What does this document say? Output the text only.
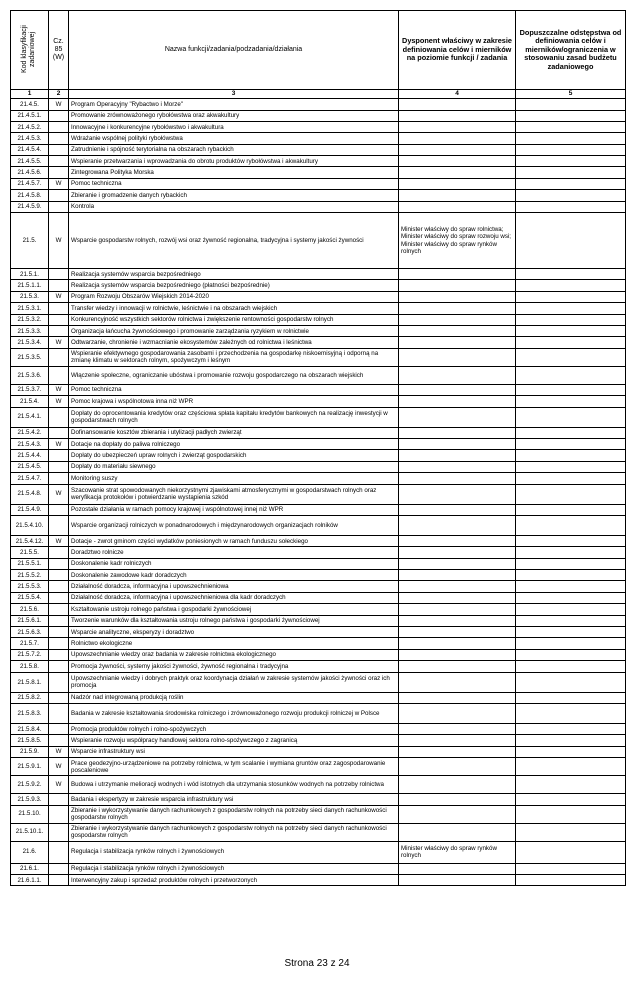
Kod klasyfikacji zadaniowej	Cz. 85 (W)	Nazwa funkcji/zadania/podzadania/działania	Dysponent właściwy w zakresie definiowania celów i mierników na poziomie funkcji / zadania	Dopuszczalne odstępstwa od definiowania celów i mierników/ograniczenia w stosowaniu zasad budżetu zadaniowego
1	2	3	4	5
21.4.5.	W	Program Operacyjny "Rybactwo i Morze"		
21.4.5.1.		Promowanie zrównoważonego rybołówstwa oraz akwakultury		
21.4.5.2.		Innowacyjne i konkurencyjne rybołówstwo i akwakultura		
21.4.5.3.		Wdrażanie wspólnej polityki rybołówstwa		
21.4.5.4.		Zatrudnienie i spójność terytorialna na obszarach rybackich		
21.4.5.5.		Wspieranie przetwarzania i wprowadzania do obrotu produktów rybołówstwa i akwakultury		
21.4.5.6.		Zintegrowana Polityka Morska		
21.4.5.7.	W	Pomoc techniczna		
21.4.5.8.		Zbieranie i gromadzenie danych rybackich		
21.4.5.9.		Kontrola		
21.5.	W	Wsparcie gospodarstw rolnych, rozwój wsi oraz żywność regionalna, tradycyjna i systemy jakości żywności	Minister właściwy do spraw rolnictwa;
Minister właściwy do spraw rozwoju wsi;
Minister właściwy do spraw rynków rolnych	
21.5.1.		Realizacja systemów wsparcia bezpośredniego		
21.5.1.1.		Realizacja systemów wsparcia bezpośredniego (płatności bezpośrednie)		
21.5.3.	W	Program Rozwoju Obszarów Wiejskich 2014-2020		
21.5.3.1.		Transfer wiedzy i innowacji w rolnictwie, leśnictwie i na obszarach wiejskich		
21.5.3.2.		Konkurencyjność wszystkich sektorów rolnictwa i zwiększenie rentowności gospodarstw rolnych		
21.5.3.3.		Organizacja łańcucha żywnościowego i promowanie zarządzania ryzykiem w rolnictwie		
21.5.3.4.	W	Odtwarzanie, chronienie i wzmacnianie ekosystemów zależnych od rolnictwa i leśnictwa		
21.5.3.5.		Wspieranie efektywnego gospodarowania zasobami i przechodzenia na gospodarkę niskoemisyjną i odporną na zmianę klimatu w sektorach rolnym, spożywczym i leśnym		
21.5.3.6.		Włączenie społeczne, ograniczanie ubóstwa i promowanie rozwoju gospodarczego na obszarach wiejskich		
21.5.3.7.	W	Pomoc techniczna		
21.5.4.	W	Pomoc krajowa i wspólnotowa inna niż WPR		
21.5.4.1.		Dopłaty do oprocentowania kredytów oraz częściowa spłata kapitału kredytów bankowych na realizację inwestycji w gospodarstwach rolnych		
21.5.4.2.		Dofinansowanie kosztów zbierania i utylizacji padłych zwierząt		
21.5.4.3.	W	Dotacje na dopłaty do paliwa rolniczego		
21.5.4.4.		Dopłaty do ubezpieczeń upraw rolnych i zwierząt gospodarskich		
21.5.4.5.		Dopłaty do materiału siewnego		
21.5.4.7.		Monitoring suszy		
21.5.4.8.	W	Szacowanie strat spowodowanych niekorzystnymi zjawiskami atmosferycznymi w gospodarstwach rolnych oraz weryfikacja protokołów i potwierdzanie wystąpienia szkód		
21.5.4.9.		Pozostałe działania w ramach pomocy krajowej i wspólnotowej innej niż WPR		
21.5.4.10.		Wsparcie organizacji rolniczych w ponadnarodowych i międzynarodowych organizacjach rolników		
21.5.4.12.	W	Dotacje - zwrot gminom części wydatków poniesionych w ramach funduszu sołeckiego		
21.5.5.		Doradztwo rolnicze		
21.5.5.1.		Doskonalenie kadr rolniczych		
21.5.5.2.		Doskonalenie zawodowe kadr doradczych		
21.5.5.3.		Działalność doradcza, informacyjna i upowszechnieniowa		
21.5.5.4.		Działalność doradcza, informacyjna i upowszechnieniowa dla kadr doradczych		
21.5.6.		Kształtowanie ustroju rolnego państwa i gospodarki żywnościowej		
21.5.6.1.		Tworzenie warunków dla kształtowania ustroju rolnego państwa i gospodarki żywnościowej		
21.5.6.3.		Wsparcie analityczne, eksperyzy i doradztwo		
21.5.7.		Rolnictwo ekologiczne		
21.5.7.2.		Upowszechnianie wiedzy oraz badania w zakresie rolnictwa ekologicznego		
21.5.8.		Promocja żywności, systemy jakości żywności, żywność regionalna i tradycyjna		
21.5.8.1.		Upowszechnianie wiedzy i dobrych praktyk oraz koordynacja działań w zakresie systemów jakości żywności oraz ich promocja		
21.5.8.2.		Nadzór nad integrowaną produkcją roślin		
21.5.8.3.		Badania w zakresie kształtowania środowiska rolniczego i zrównoważonego rozwoju produkcji rolniczej w Polsce		
21.5.8.4.		Promocja produktów rolnych i rolno-spożywczych		
21.5.8.5.		Wspieranie rozwoju współpracy handlowej sektora rolno-spożywczego z zagranicą		
21.5.9.	W	Wsparcie infrastruktury wsi		
21.5.9.1.	W	Prace geodezyjno-urządzeniowe na potrzeby rolnictwa, w tym scalanie i wymiana gruntów oraz zagospodarowanie poscaleniowe		
21.5.9.2.	W	Budowa i utrzymanie melioracji wodnych i wód istotnych dla utrzymania stosunków wodnych na potrzeby rolnictwa		
21.5.9.3.		Badania i ekspertyzy w zakresie wsparcia infrastruktury wsi		
21.5.10.		Zbieranie i wykorzystywanie danych rachunkowych z gospodarstw rolnych na potrzeby sieci danych rachunkowości gospodarstw rolnych		
21.5.10.1.		Zbieranie i wykorzystywanie danych rachunkowych z gospodarstw rolnych na potrzeby sieci danych rachunkowości gospodarstw rolnych		
21.6.		Regulacja i stabilizacja rynków rolnych i żywnościowych	Minister właściwy do spraw rynków rolnych	
21.6.1.		Regulacja i stabilizacja rynków rolnych i żywnościowych		
21.6.1.1.		Interwencyjny zakup i sprzedaż produktów rolnych i przetworzonych		
Strona 23 z 24
